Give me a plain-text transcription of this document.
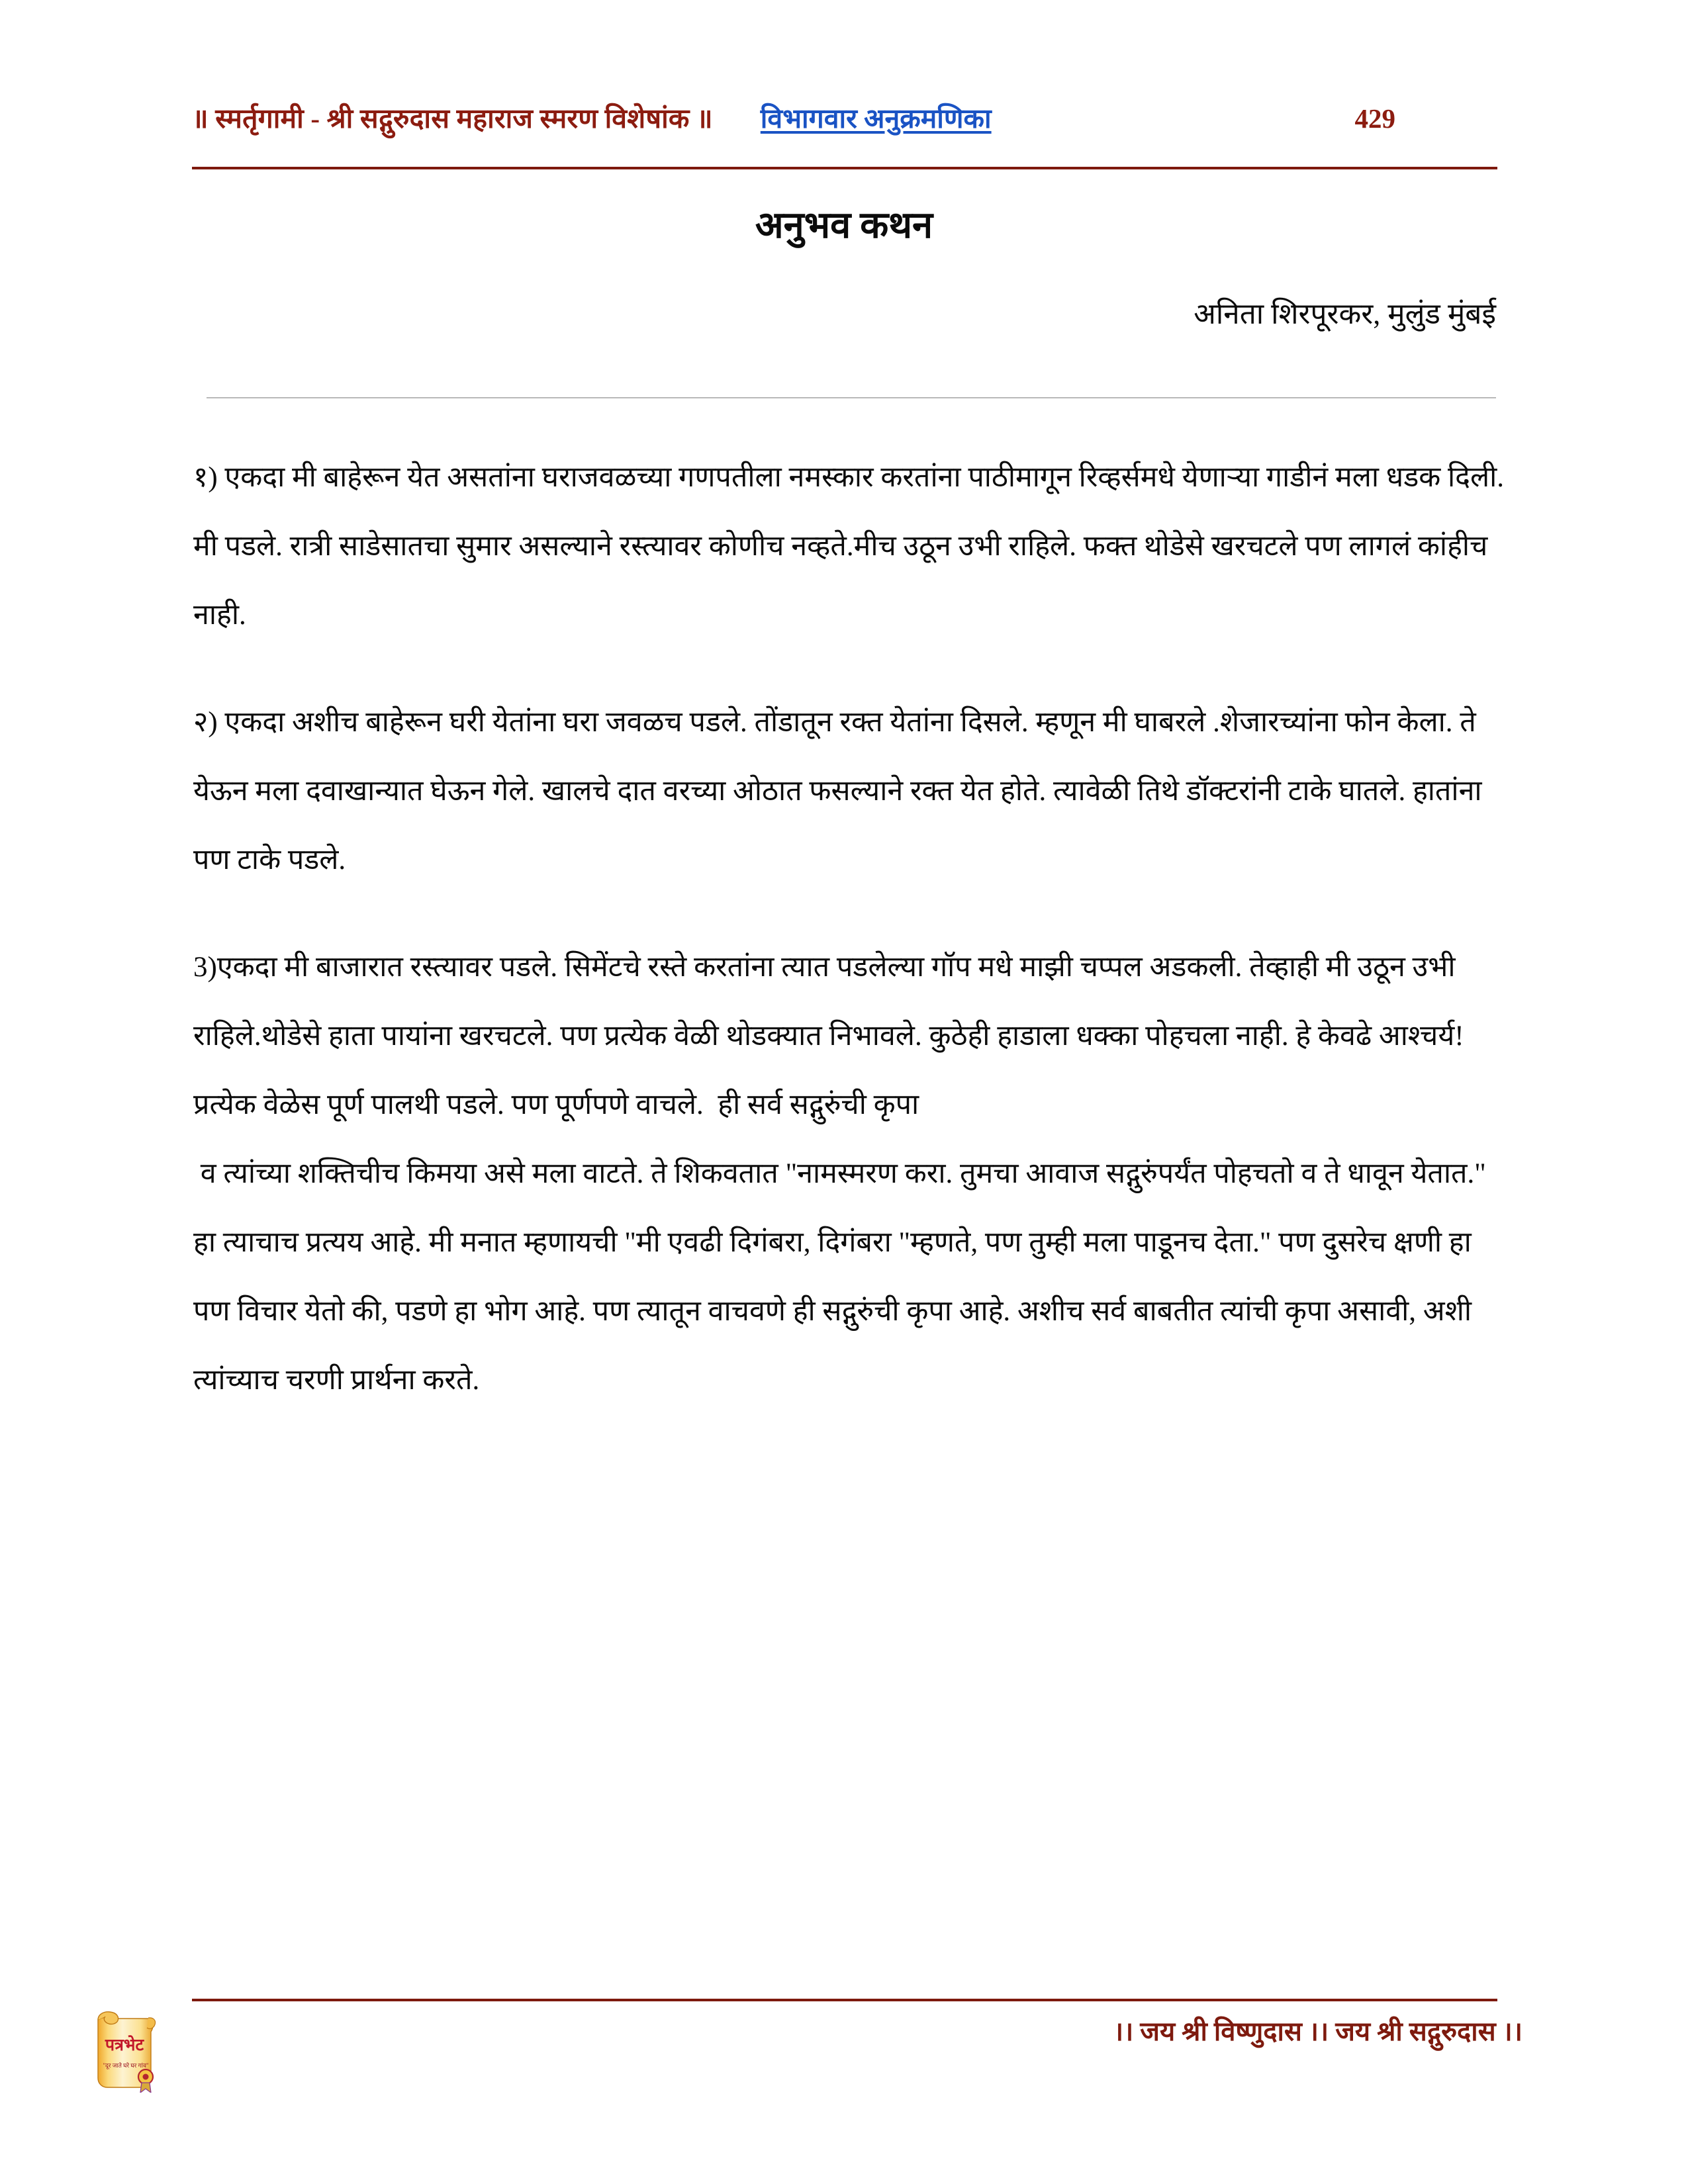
॥ स्मर्तृगामी - श्री सद्गुरुदास महाराज स्मरण विशेषांक ॥ विभागवार अनुक्रमणिका	429
अनुभव कथन
अनिता शिरपूरकर, मुलुंड मुंबई

१) एकदा मी बाहेरून येत असतांना घराजवळच्या गणपतीला नमस्कार करतांना पाठीमागून रिव्हर्समधे येणाऱ्या गाडीनं मला धडक दिली. मी पडले. रात्री साडेसातचा सुमार असल्याने रस्त्यावर कोणीच नव्हते.मीच उठून उभी राहिले. फक्त थोडेसे खरचटले पण लागलं कांहीच नाही.

२) एकदा अशीच बाहेरून घरी येतांना घरा जवळच पडले. तोंडातून रक्त येतांना दिसले. म्हणून मी घाबरले .शेजारच्यांना फोन केला. ते येऊन मला दवाखान्यात घेऊन गेले. खालचे दात वरच्या ओठात फसल्याने रक्त येत होते. त्यावेळी तिथे डॉक्टरांनी टाके घातले. हातांना पण टाके पडले.

3)एकदा मी बाजारात रस्त्यावर पडले. सिमेंटचे रस्ते करतांना त्यात पडलेल्या गॉप मधे माझी चप्पल अडकली. तेव्हाही मी उठून उभी राहिले.थोडेसे हाता पायांना खरचटले. पण प्रत्येक वेळी थोडक्यात निभावले. कुठेही हाडाला धक्का पोहचला नाही. हे केवढे आश्चर्य! प्रत्येक वेळेस पूर्ण पालथी पडले. पण पूर्णपणे वाचले.  ही सर्व सद्गुरुंची कृपा

व त्यांच्या शक्तिचीच किमया असे मला वाटते. ते शिकवतात "नामस्मरण करा. तुमचा आवाज सद्गुरुंपर्यंत पोहचतो व ते धावून येतात." हा त्याचाच प्रत्यय आहे. मी मनात म्हणायची "मी एवढी दिगंबरा, दिगंबरा "म्हणते, पण तुम्ही मला पाडूनच देता." पण दुसरेच क्षणी हा पण विचार येतो की, पडणे हा भोग आहे. पण त्यातून वाचवणे ही सद्गुरुंची कृपा आहे. अशीच सर्व बाबतीत त्यांची कृपा असावी, अशी त्यांच्याच चरणी प्रार्थना करते.

।। जय श्री विष्णुदास ।। जय श्री सद्गुरुदास ।।
पत्रभेट
"दूर जाते घरे घर गांव"
